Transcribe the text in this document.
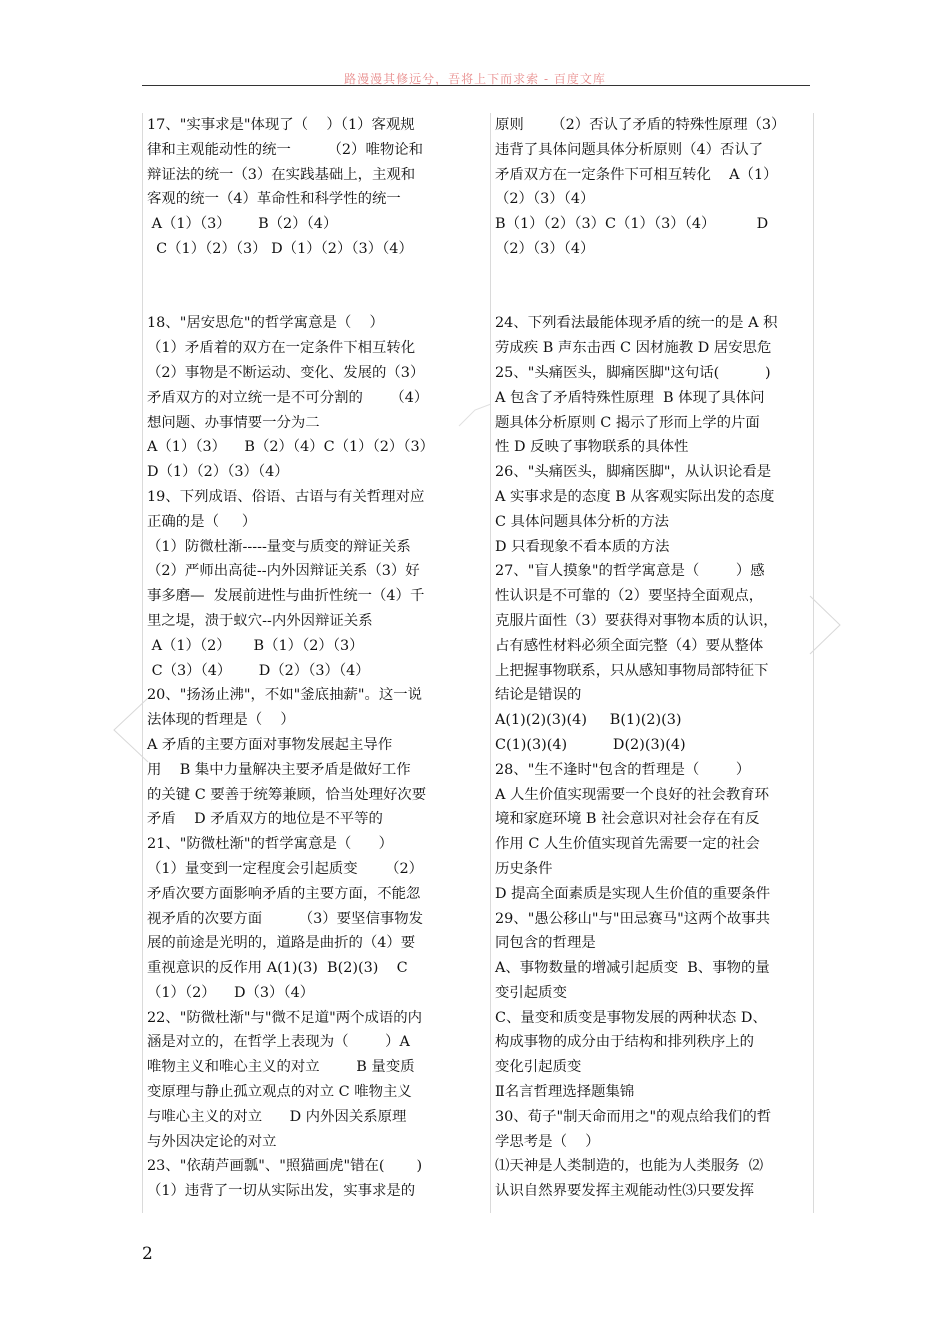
路漫漫其修远兮，吾将上下而求索 - 百度文库
17、"实事求是"体现了（    ）（1）客观规
律和主观能动性的统一        （2）唯物论和
辩证法的统一（3）在实践基础上，主观和
客观的统一（4）革命性和科学性的统一
A（1）（3）      B（2）（4）
C（1）（2）（3） D（1）（2）（3）（4）
18、"居安思危"的哲学寓意是（    ）
（1）矛盾着的双方在一定条件下相互转化
（2）事物是不断运动、变化、发展的（3）
矛盾双方的对立统一是不可分割的      （4）
想问题、办事情要一分为二
A（1）（3）    B（2）（4）C（1）（2）（3）
D（1）（2）（3）（4）
19、下列成语、俗语、古语与有关哲理对应
正确的是（     ）
（1）防微杜渐-----量变与质变的辩证关系
（2）严师出高徒--内外因辩证关系（3）好
事多磨—  发展前进性与曲折性统一（4）千
里之堤，溃于蚁穴--内外因辩证关系
A（1）（2）     B（1）（2）（3）
C（3）（4）      D（2）（3）（4）
20、"扬汤止沸"，不如"釜底抽薪"。这一说
法体现的哲理是（    ）
A 矛盾的主要方面对事物发展起主导作
用    B 集中力量解决主要矛盾是做好工作
的关键 C 要善于统筹兼顾，恰当处理好次要
矛盾    D 矛盾双方的地位是不平等的
21、"防微杜渐"的哲学寓意是（      ）
（1）量变到一定程度会引起质变      （2）
矛盾次要方面影响矛盾的主要方面，不能忽
视矛盾的次要方面        （3）要坚信事物发
展的前途是光明的，道路是曲折的（4）要
重视意识的反作用 A(1)(3)  B(2)(3)    C
（1）（2）    D（3）（4）
22、"防微杜渐"与"微不足道"两个成语的内
涵是对立的，在哲学上表现为（        ）A
唯物主义和唯心主义的对立        B 量变质
变原理与静止孤立观点的对立 C 唯物主义
与唯心主义的对立      D 内外因关系原理
与外因决定论的对立
23、"依葫芦画瓢"、"照猫画虎"错在(       )
（1）违背了一切从实际出发，实事求是的
原则      （2）否认了矛盾的特殊性原理（3）
违背了具体问题具体分析原则（4）否认了
矛盾双方在一定条件下可相互转化    A（1）
（2）（3）（4）
B（1）（2）（3）C（1）（3）（4）         D
（2）（3）（4）
24、下列看法最能体现矛盾的统一的是 A 积
劳成疾 B 声东击西 C 因材施教 D 居安思危
25、"头痛医头，脚痛医脚"这句话(          )
A 包含了矛盾特殊性原理  B 体现了具体问
题具体分析原则 C 揭示了形而上学的片面
性 D 反映了事物联系的具体性
26、"头痛医头，脚痛医脚"，从认识论看是
A 实事求是的态度 B 从客观实际出发的态度
C 具体问题具体分析的方法
D 只看现象不看本质的方法
27、"盲人摸象"的哲学寓意是（        ）感
性认识是不可靠的（2）要坚持全面观点，
克服片面性（3）要获得对事物本质的认识，
占有感性材料必须全面完整（4）要从整体
上把握事物联系，只从感知事物局部特征下
结论是错误的
A(1)(2)(3)(4)     B(1)(2)(3)
C(1)(3)(4)          D(2)(3)(4)
28、"生不逢时"包含的哲理是（        ）
A 人生价值实现需要一个良好的社会教育环
境和家庭环境 B 社会意识对社会存在有反
作用 C 人生价值实现首先需要一定的社会
历史条件
D 提高全面素质是实现人生价值的重要条件
29、"愚公移山"与"田忌赛马"这两个故事共
同包含的哲理是
A、事物数量的增减引起质变  B、事物的量
变引起质变
C、量变和质变是事物发展的两种状态 D、
构成事物的成分由于结构和排列秩序上的
变化引起质变
Ⅱ名言哲理选择题集锦
30、荀子"制天命而用之"的观点给我们的哲
学思考是（    ）
⑴天神是人类制造的，也能为人类服务  ⑵
认识自然界要发挥主观能动性⑶只要发挥
2
